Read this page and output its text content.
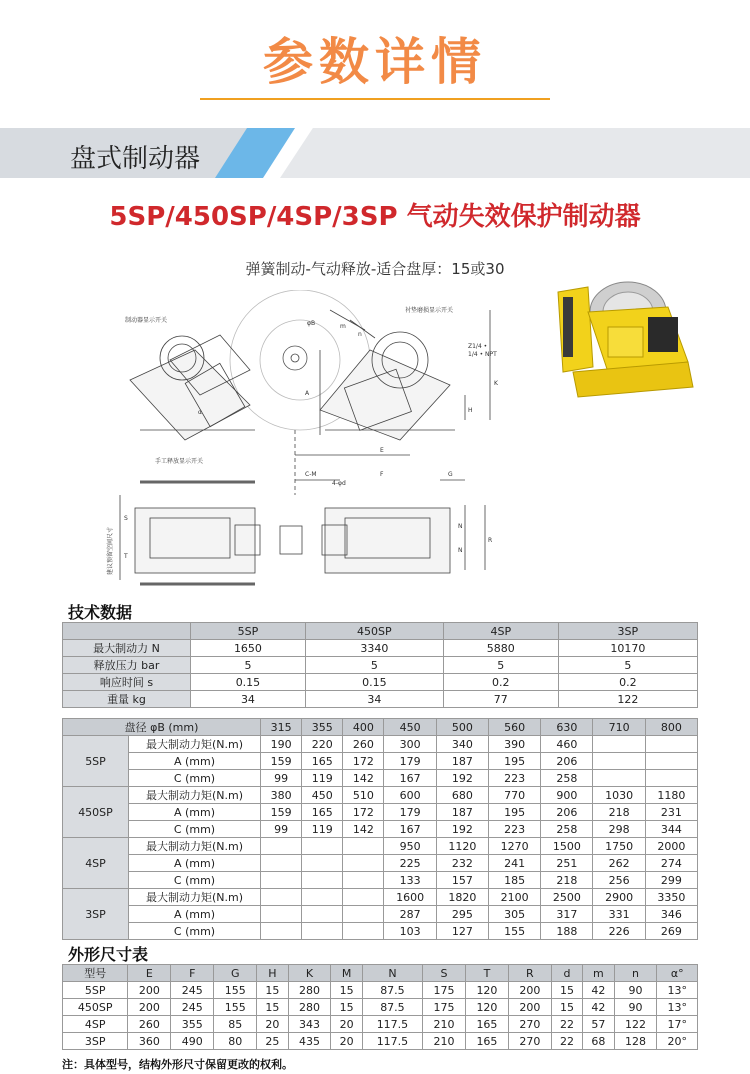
参数详情
盘式制动器
5SP/450SP/4SP/3SP 气动失效保护制动器
弹簧制动-气动释放-适合盘厚：15或30
制动器显示开关
衬垫磨损显示开关
手工释放显示开关
Z1/4 •
1/4 • NPT
4-φd
φB
建议预留空间尺寸
A
K
H
E
F	G
C-M
S
T
N
N
R
m
n
α
技术数据
	5SP	450SP	4SP	3SP
最大制动力 N	1650	3340	5880	10170
释放压力 bar	5	5	5	5
响应时间 s	0.15	0.15	0.2	0.2
重量 kg	34	34	77	122
盘径 φB (mm)		315	355	400	450	500	560	630	710	800
5SP	最大制动力矩(N.m)	190	220	260	300	340	390	460		
	A (mm)	159	165	172	179	187	195	206		
	C (mm)	99	119	142	167	192	223	258		
450SP	最大制动力矩(N.m)	380	450	510	600	680	770	900	1030	1180
	A (mm)	159	165	172	179	187	195	206	218	231
	C (mm)	99	119	142	167	192	223	258	298	344
4SP	最大制动力矩(N.m)				950	1120	1270	1500	1750	2000
	A (mm)				225	232	241	251	262	274
	C (mm)				133	157	185	218	256	299
3SP	最大制动力矩(N.m)				1600	1820	2100	2500	2900	3350
	A (mm)				287	295	305	317	331	346
	C (mm)				103	127	155	188	226	269
外形尺寸表
型号	E	F	G	H	K	M	N	S	T	R	d	m	n	α°
5SP	200	245	155	15	280	15	87.5	175	120	200	15	42	90	13°
450SP	200	245	155	15	280	15	87.5	175	120	200	15	42	90	13°
4SP	260	355	85	20	343	20	117.5	210	165	270	22	57	122	17°
3SP	360	490	80	25	435	20	117.5	210	165	270	22	68	128	20°
注：具体型号，结构外形尺寸保留更改的权利。
